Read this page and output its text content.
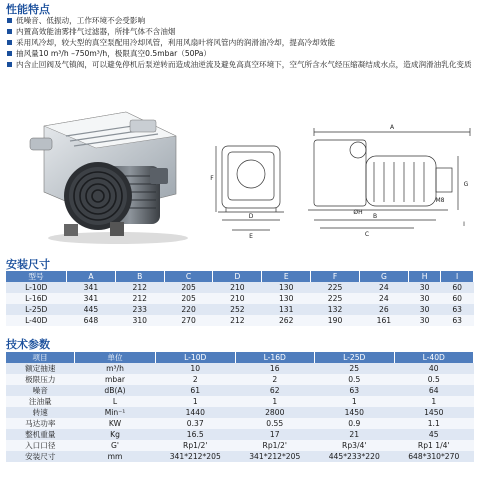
性能特点
低噪音、低振动，工作环境不会受影响
内置高效能油雾排气过滤器，所排气体不含油烟
采用风冷却，较大型的真空泵配用冷却风管，利用风扇叶将风管内的润滑油冷却，提高冷却效能
抽风量10 m³/h –750m³/h，极限真空0.5mbar（50Pa）
内含止回阀及气镇阀，可以避免停机后泵逆转而造成油逆流及避免高真空环境下，空气所含水气经压缩凝结成水点，造成润滑油乳化变质
A
B
C
D
E
F
G
ØH
I
M8
安装尺寸
型号	A	B	C	D	E	F	G	H	I
L-10D	341	212	205	210	130	225	24	30	60
L-16D	341	212	205	210	130	225	24	30	60
L-25D	445	233	220	252	131	132	26	30	63
L-40D	648	310	270	212	262	190	161	30	63
技术参数
项目	单位	L-10D	L-16D	L-25D	L-40D
额定抽速	m³/h	10	16	25	40
极限压力	mbar	2	2	0.5	0.5
噪音	dB(A)	61	62	63	64
注油量	L	1	1	1	1
转速	Min⁻¹	1440	2800	1450	1450
马达功率	KW	0.37	0.55	0.9	1.1
整机重量	Kg	16.5	17	21	45
入口口径	G'	Rp1/2'	Rp1/2'	Rp3/4'	Rp1 1/4'
安装尺寸	mm	341*212*205	341*212*205	445*233*220	648*310*270
